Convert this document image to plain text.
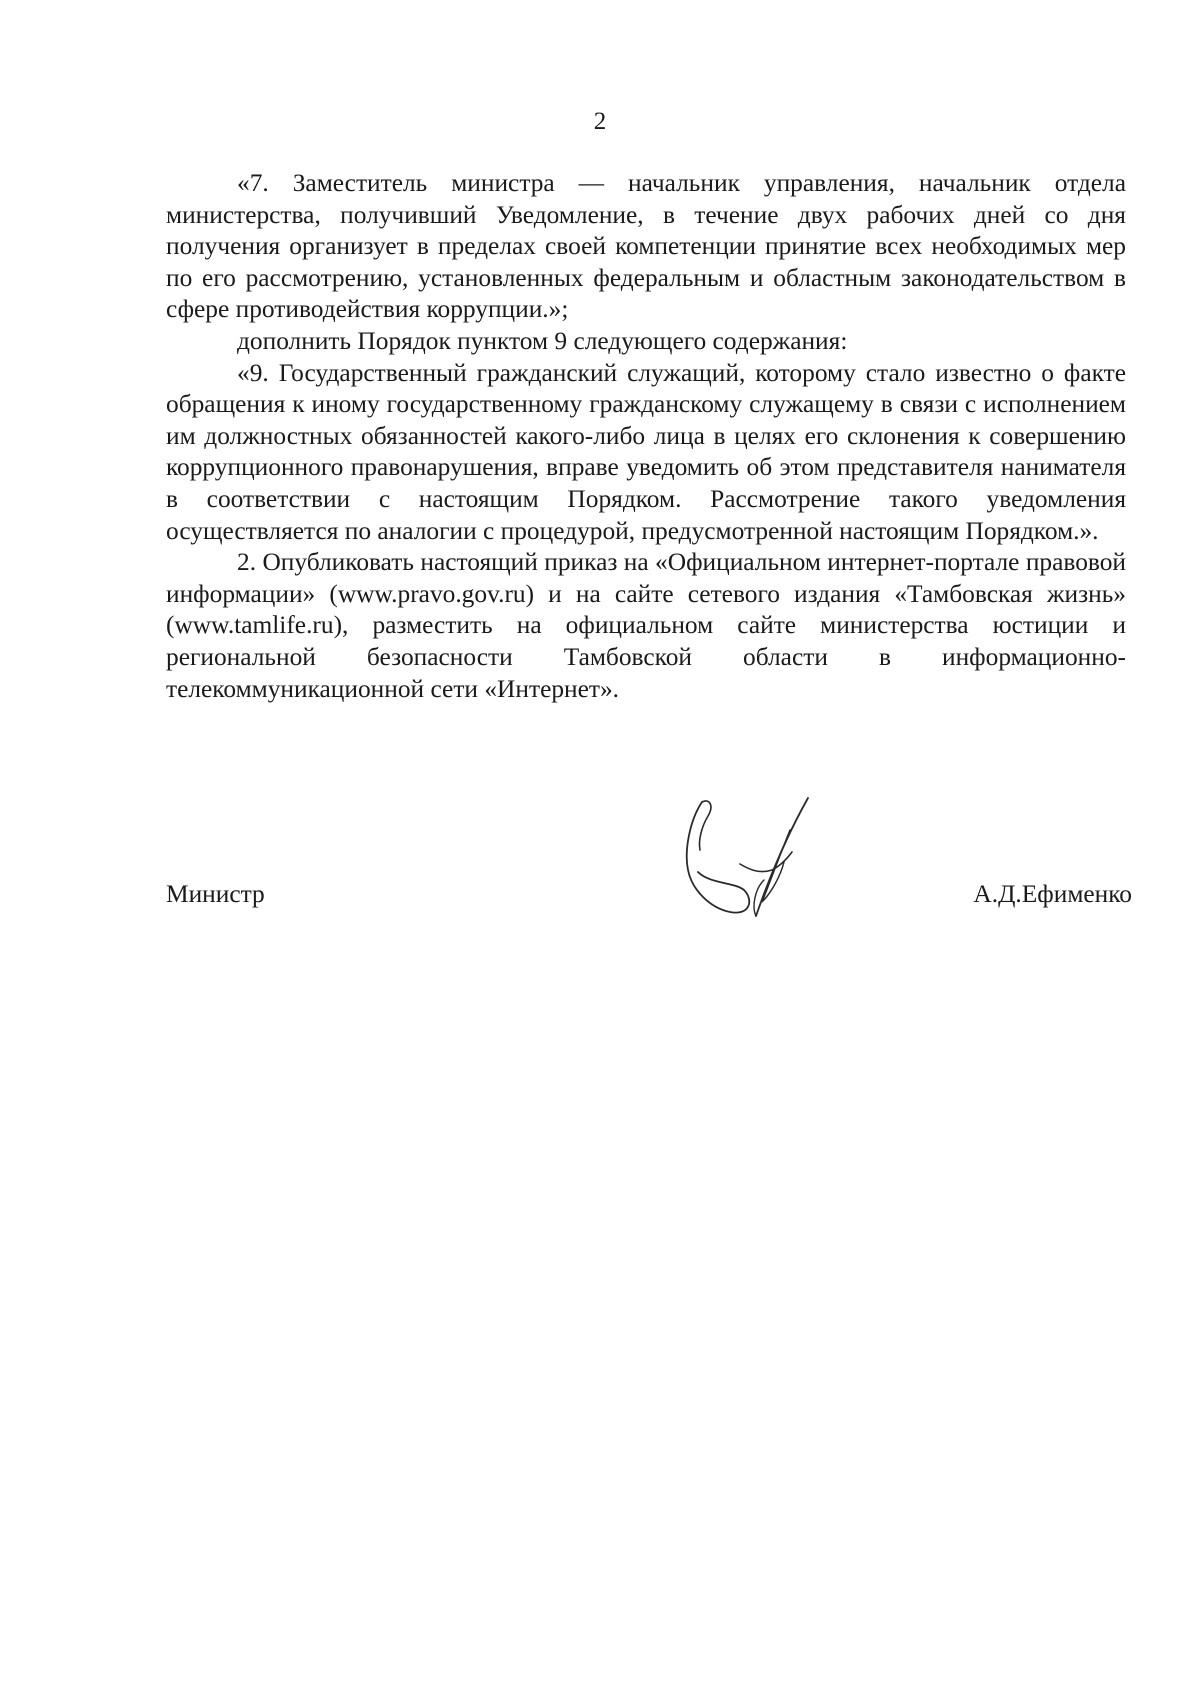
2

«7. Заместитель министра — начальник управления, начальник отдела министерства, получивший Уведомление, в течение двух рабочих дней со дня получения организует в пределах своей компетенции принятие всех необходимых мер по его рассмотрению, установленных федеральным и областным законодательством в сфере противодействия коррупции.»;

дополнить Порядок пунктом 9 следующего содержания:

«9. Государственный гражданский служащий, которому стало известно о факте обращения к иному государственному гражданскому служащему в связи с исполнением им должностных обязанностей какого-либо лица в целях его склонения к совершению коррупционного правонарушения, вправе уведомить об этом представителя нанимателя в соответствии с настоящим Порядком. Рассмотрение такого уведомления осуществляется по аналогии с процедурой, предусмотренной настоящим Порядком.».

2. Опубликовать настоящий приказ на «Официальном интернет-портале правовой информации» (www.pravo.gov.ru) и на сайте сетевого издания «Тамбовская жизнь» (www.tamlife.ru), разместить на официальном сайте министерства юстиции и региональной безопасности Тамбовской области в информационно-телекоммуникационной сети «Интернет».

Министр	А.Д.Ефименко
